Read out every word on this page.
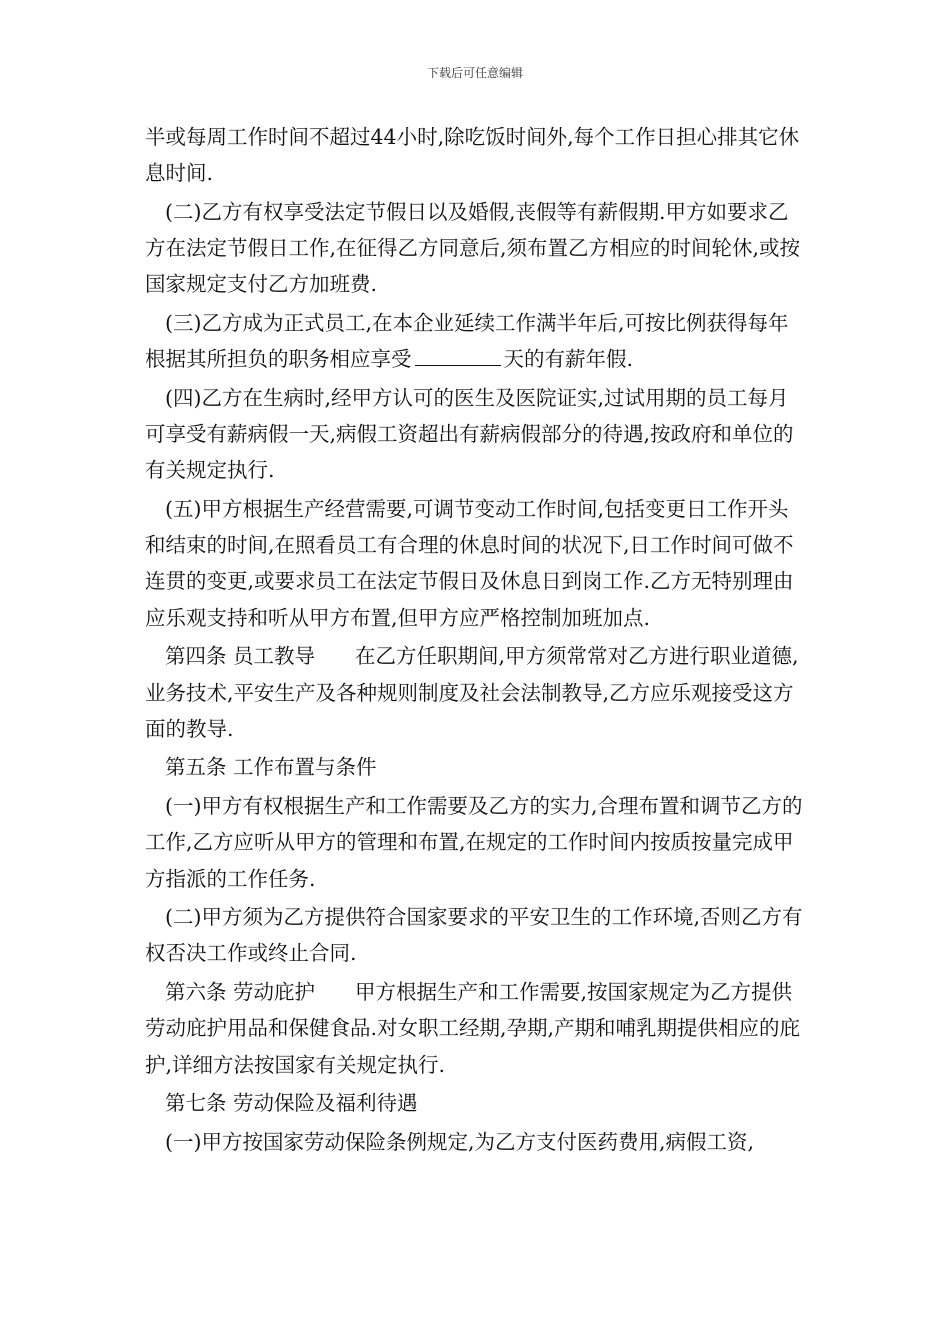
下载后可任意编辑

半或每周工作时间不超过44小时,除吃饭时间外,每个工作日担心排其它休息时间.

(二)乙方有权享受法定节假日以及婚假,丧假等有薪假期.甲方如要求乙方在法定节假日工作,在征得乙方同意后,须布置乙方相应的时间轮休,或按国家规定支付乙方加班费.

(三)乙方成为正式员工,在本企业延续工作满半年后,可按比例获得每年根据其所担负的职务相应享受	天的有薪年假.

(四)乙方在生病时,经甲方认可的医生及医院证实,过试用期的员工每月可享受有薪病假一天,病假工资超出有薪病假部分的待遇,按政府和单位的有关规定执行.

(五)甲方根据生产经营需要,可调节变动工作时间,包括变更日工作开头和结束的时间,在照看员工有合理的休息时间的状况下,日工作时间可做不连贯的变更,或要求员工在法定节假日及休息日到岗工作.乙方无特别理由应乐观支持和听从甲方布置,但甲方应严格控制加班加点.

第四条 员工教导 在乙方任职期间,甲方须常常对乙方进行职业道德,业务技术,平安生产及各种规则制度及社会法制教导,乙方应乐观接受这方面的教导.

第五条 工作布置与条件

(一)甲方有权根据生产和工作需要及乙方的实力,合理布置和调节乙方的工作,乙方应听从甲方的管理和布置,在规定的工作时间内按质按量完成甲方指派的工作任务.

(二)甲方须为乙方提供符合国家要求的平安卫生的工作环境,否则乙方有权否决工作或终止合同.

第六条 劳动庇护 甲方根据生产和工作需要,按国家规定为乙方提供劳动庇护用品和保健食品.对女职工经期,孕期,产期和哺乳期提供相应的庇护,详细方法按国家有关规定执行.

第七条 劳动保险及福利待遇

(一)甲方按国家劳动保险条例规定,为乙方支付医药费用,病假工资,
